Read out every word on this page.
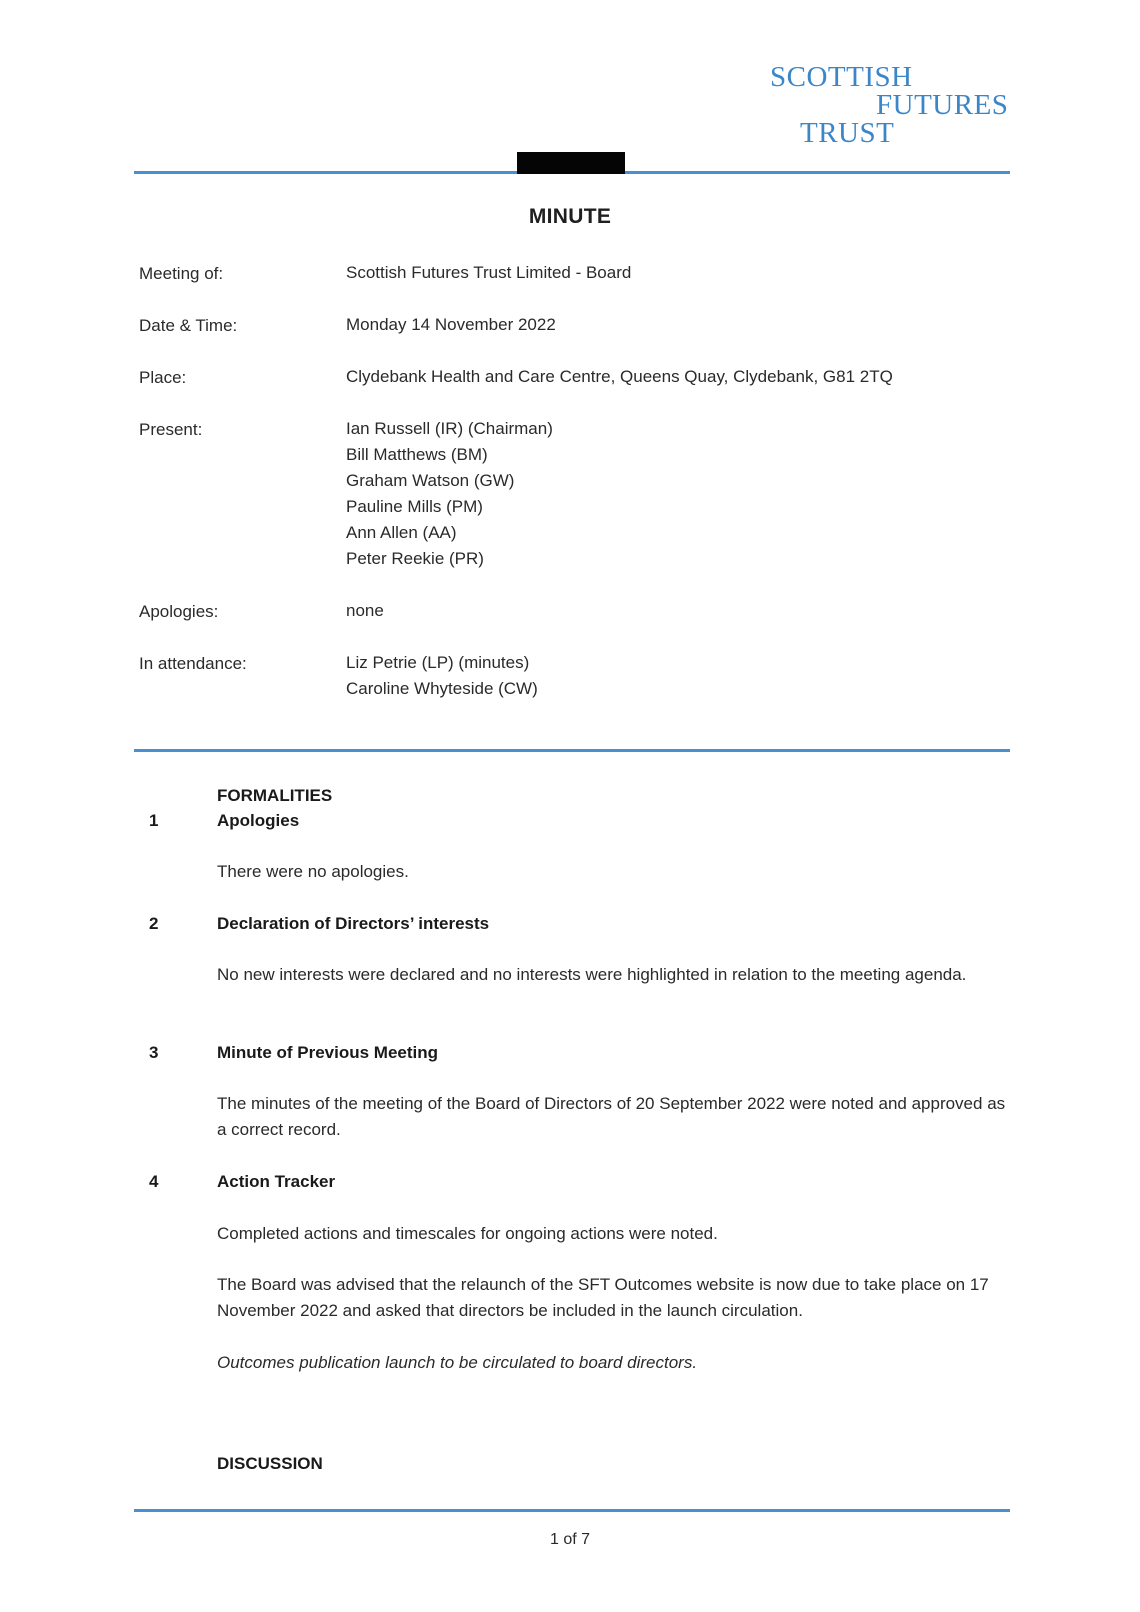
SCOTTISH
FUTURES
TRUST
MINUTE
Meeting of:	Scottish Futures Trust Limited - Board
Date & Time:	Monday 14 November 2022
Place:	Clydebank Health and Care Centre, Queens Quay, Clydebank, G81 2TQ
Present:	Ian Russell (IR) (Chairman)
Bill Matthews (BM)
Graham Watson (GW)
Pauline Mills (PM)
Ann Allen (AA)
Peter Reekie (PR)
Apologies:	none
In attendance:	Liz Petrie (LP) (minutes)
Caroline Whyteside (CW)
FORMALITIES
1	Apologies
There were no apologies.
2	Declaration of Directors’ interests
No new interests were declared and no interests were highlighted in relation to the meeting agenda.
3	Minute of Previous Meeting
The minutes of the meeting of the Board of Directors of 20 September 2022 were noted and approved as a correct record.
4	Action Tracker
Completed actions and timescales for ongoing actions were noted.
The Board was advised that the relaunch of the SFT Outcomes website is now due to take place on 17 November 2022 and asked that directors be included in the launch circulation.
Outcomes publication launch to be circulated to board directors.
DISCUSSION
1 of 7
